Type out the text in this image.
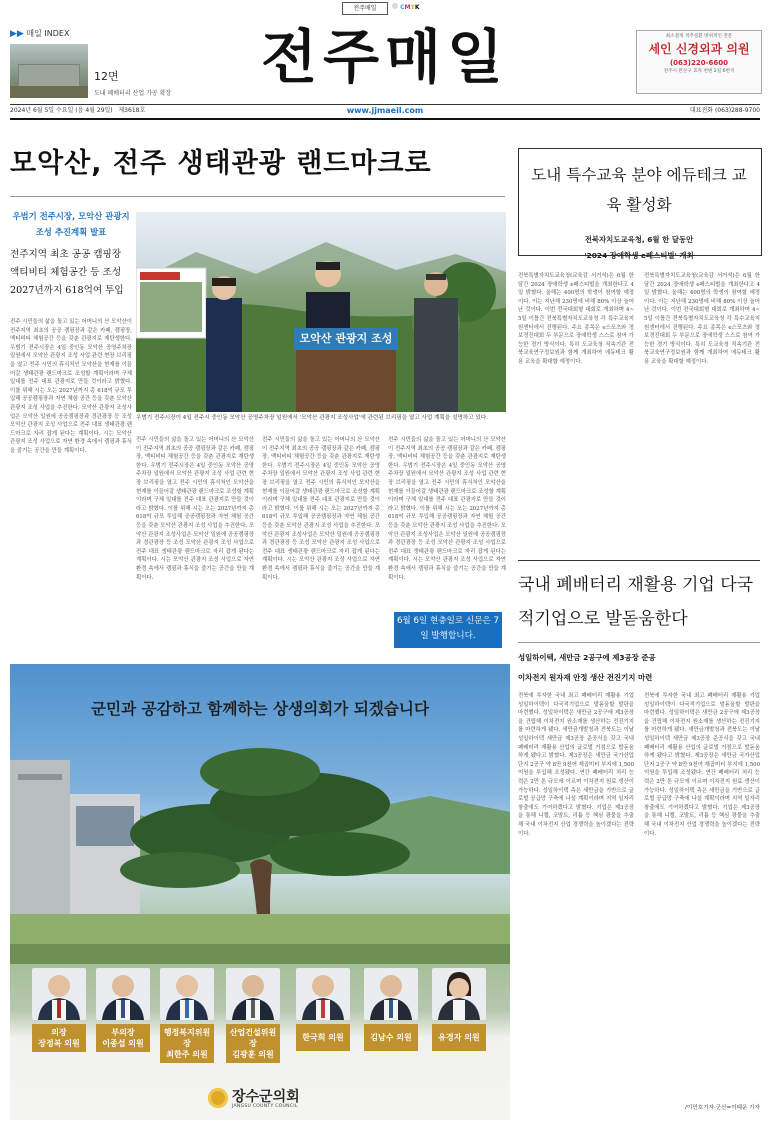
전주매일	CMYK
▶▶ 매일 INDEX
12면
도내 폐배터리 산업 가공 확장
전주매일	최소절개 척추질환 방위적인 전문
세인 신경외과 의원
(063)220-6600
전주시 완산구 효자 천변 2길 6번지
2024년 6월 5일 수요일 (음 4월 29일) 제3618호	www.jjmaeil.com	대표전화 (063)288-9700
모악산, 전주 생태관광 랜드마크로
우범기 전주시장, 모악산 관광지 조성 추진계획 발표
전주지역 최초 공공 캠핑장 액티비티 체험공간 등 조성 2027년까지 618억여 투입
전주 시민들의 삶을 돌고 있는 어머니의 산 모악산이 전주지역 최초의 공공 캠핑장과 같은 카페, 캠핑장, 액티비티 체험공간 등을 갖춘 관광지로 재탄생한다. 우범기 전주시장은 4일 중인동 모악산 공영주차장 일원에서 모악산 관광지 조성 사업 관련 현장 브리핑을 열고 전주 시민의 휴식처인 모악산을 현재를 이끌어갈 생태관광 랜드마크로 조성할 계획이라며 구체 일대를 전주 대표 관광지로 만들 것이라고 밝혔다. 이를 위해 시는 오는 2027년까지 총 618억 규모 투입해 공공캠핑장과 자연 체험 공간 등을 갖춘 모악산 관광지 조성 사업을 추진한다. 모악산 관광지 조성사업은 모악산 일원에 공공캠핑장과 경관광장 등 조성 모악산 관광지 조성 사업으로 전주 대표 생태관광 랜드마크로 자리 잡게 된다는 계획이다. 시는 모악산 관광지 조성 사업으로 자연 환경 속에서 캠핑과 휴식을 즐기는 공간을 만들 계획이다.
모악산 관광지 조성
우범기 전주시장이 4일 전주시 중인동 모악산 공영주차장 일원에서 '모악산 관광지 조성사업'에 관련된 브리핑을 열고 사업 계획을 설명하고 있다.
전주 시민들의 삶을 돌고 있는 어머니의 산 모악산이 전주지역 최초의 공공 캠핑장과 같은 카페, 캠핑장, 액티비티 체험공간 등을 갖춘 관광지로 재탄생한다. 우범기 전주시장은 4일 중인동 모악산 공영주차장 일원에서 모악산 관광지 조성 사업 관련 현장 브리핑을 열고 전주 시민의 휴식처인 모악산을 현재를 이끌어갈 생태관광 랜드마크로 조성할 계획이라며 구체 일대를 전주 대표 관광지로 만들 것이라고 밝혔다. 이를 위해 시는 오는 2027년까지 총 618억 규모 투입해 공공캠핑장과 자연 체험 공간 등을 갖춘 모악산 관광지 조성 사업을 추진한다. 모악산 관광지 조성사업은 모악산 일원에 공공캠핑장과 경관광장 등 조성 모악산 관광지 조성 사업으로 전주 대표 생태관광 랜드마크로 자리 잡게 된다는 계획이다. 시는 모악산 관광지 조성 사업으로 자연 환경 속에서 캠핑과 휴식을 즐기는 공간을 만들 계획이다.
전주 시민들의 삶을 돌고 있는 어머니의 산 모악산이 전주지역 최초의 공공 캠핑장과 같은 카페, 캠핑장, 액티비티 체험공간 등을 갖춘 관광지로 재탄생한다. 우범기 전주시장은 4일 중인동 모악산 공영주차장 일원에서 모악산 관광지 조성 사업 관련 현장 브리핑을 열고 전주 시민의 휴식처인 모악산을 현재를 이끌어갈 생태관광 랜드마크로 조성할 계획이라며 구체 일대를 전주 대표 관광지로 만들 것이라고 밝혔다. 이를 위해 시는 오는 2027년까지 총 618억 규모 투입해 공공캠핑장과 자연 체험 공간 등을 갖춘 모악산 관광지 조성 사업을 추진한다. 모악산 관광지 조성사업은 모악산 일원에 공공캠핑장과 경관광장 등 조성 모악산 관광지 조성 사업으로 전주 대표 생태관광 랜드마크로 자리 잡게 된다는 계획이다. 시는 모악산 관광지 조성 사업으로 자연 환경 속에서 캠핑과 휴식을 즐기는 공간을 만들 계획이다.
전주 시민들의 삶을 돌고 있는 어머니의 산 모악산이 전주지역 최초의 공공 캠핑장과 같은 카페, 캠핑장, 액티비티 체험공간 등을 갖춘 관광지로 재탄생한다. 우범기 전주시장은 4일 중인동 모악산 공영주차장 일원에서 모악산 관광지 조성 사업 관련 현장 브리핑을 열고 전주 시민의 휴식처인 모악산을 현재를 이끌어갈 생태관광 랜드마크로 조성할 계획이라며 구체 일대를 전주 대표 관광지로 만들 것이라고 밝혔다. 이를 위해 시는 오는 2027년까지 총 618억 규모 투입해 공공캠핑장과 자연 체험 공간 등을 갖춘 모악산 관광지 조성 사업을 추진한다. 모악산 관광지 조성사업은 모악산 일원에 공공캠핑장과 경관광장 등 조성 모악산 관광지 조성 사업으로 전주 대표 생태관광 랜드마크로 자리 잡게 된다는 계획이다. 시는 모악산 관광지 조성 사업으로 자연 환경 속에서 캠핑과 휴식을 즐기는 공간을 만들 계획이다.
6월 6일 현충일로 신문은 7일 발행합니다.
도내 특수교육 분야 에듀테크 교육 활성화
전북자치도교육청, 6월 한 달동안
'2024 장애학생 e페스티벌' 개최
전북특별자치도교육청(교육감 서거석)은 6월 한 달간 2024 장애학생 e페스티벌을 개최한다고 4일 밝혔다. 올해는 400명의 학생이 참여할 예정이다. 이는 지난해 230명에 비해 80% 이상 늘어난 것이다. 이번 전국대회형 대회로 개최하며 4~5일 이틀간 전북특별자치도교육청 각 특수교육지원센터에서 진행된다. 주요 종목은 e스포츠와 정보경진대회 두 부문으로 장애학생 스스로 참여 가능한 경기 방식이다. 특히 도교육청 직속기관 전북교육연구정보원과 함께 개최하여 에듀테크 활용 교육을 확대할 예정이다.
전북특별자치도교육청(교육감 서거석)은 6월 한 달간 2024 장애학생 e페스티벌을 개최한다고 4일 밝혔다. 올해는 400명의 학생이 참여할 예정이다. 이는 지난해 230명에 비해 80% 이상 늘어난 것이다. 이번 전국대회형 대회로 개최하며 4~5일 이틀간 전북특별자치도교육청 각 특수교육지원센터에서 진행된다. 주요 종목은 e스포츠와 정보경진대회 두 부문으로 장애학생 스스로 참여 가능한 경기 방식이다. 특히 도교육청 직속기관 전북교육연구정보원과 함께 개최하여 에듀테크 활용 교육을 확대할 예정이다.
국내 폐배터리 재활용 기업 다국적기업으로 발돋움한다
성일하이텍, 새만금 2공구에 제3공장 준공
이차전지 원자재 안정 생산 전진기지 마련
전북에 투자한 국내 최고 폐배터리 재활용 기업 성일하이텍이 다국적기업으로 발돋움할 발판을 마련했다. 성일하이텍은 새만금 2공구에 제3공장을 건립해 이차전지 원소재를 생산하는 전진기지를 마련하게 됐다. 새만금개발청과 전북도는 이날 성일하이텍 새만금 제3공장 준공식을 갖고 국내 폐배터리 재활용 산업의 글로벌 거점으로 발돋움하게 됐다고 밝혔다. 제3공장은 새만금 국가산업단지 2공구 약 8만 9천여 제곱미터 부지에 1,500억원을 투입해 조성됐다. 연간 폐배터리 처리 능력은 2만 톤 규모에 이르며 이차전지 원료 생산이 가능하다. 성일하이텍 측은 새만금을 기반으로 글로벌 공급망 구축에 나설 계획이라며 지역 일자리 창출에도 기여하겠다고 밝혔다. 기업은 제3공장을 통해 니켈, 코발트, 리튬 등 핵심 광물을 추출해 국내 이차전지 산업 경쟁력을 높이겠다는 전략이다.
전북에 투자한 국내 최고 폐배터리 재활용 기업 성일하이텍이 다국적기업으로 발돋움할 발판을 마련했다. 성일하이텍은 새만금 2공구에 제3공장을 건립해 이차전지 원소재를 생산하는 전진기지를 마련하게 됐다. 새만금개발청과 전북도는 이날 성일하이텍 새만금 제3공장 준공식을 갖고 국내 폐배터리 재활용 산업의 글로벌 거점으로 발돋움하게 됐다고 밝혔다. 제3공장은 새만금 국가산업단지 2공구 약 8만 9천여 제곱미터 부지에 1,500억원을 투입해 조성됐다. 연간 폐배터리 처리 능력은 2만 톤 규모에 이르며 이차전지 원료 생산이 가능하다. 성일하이텍 측은 새만금을 기반으로 글로벌 공급망 구축에 나설 계획이라며 지역 일자리 창출에도 기여하겠다고 밝혔다. 기업은 제3공장을 통해 니켈, 코발트, 리튬 등 핵심 광물을 추출해 국내 이차전지 산업 경쟁력을 높이겠다는 전략이다.
/이민호기자·군산=이태운 기자
군민과 공감하고 함께하는 상생의회가 되겠습니다
의장
장정복 의원
부의장
이종섭 의원
행정복지위원장
최한주 의원
산업건설위원장
김광훈 의원
한국희 의원	김남수 의원	유경자 의원
장수군의회
JANGSU COUNTY COUNCIL
